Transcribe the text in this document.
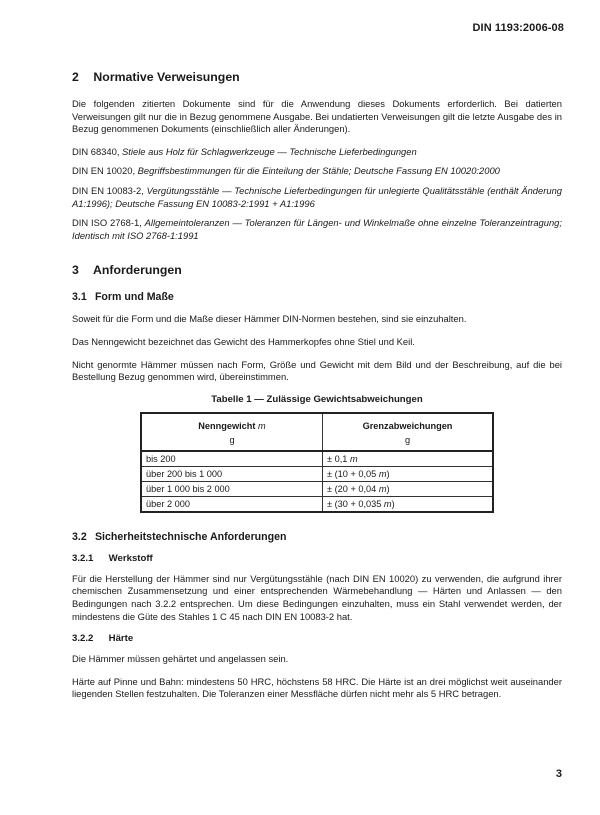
DIN 1193:2006-08
2 Normative Verweisungen

Die folgenden zitierten Dokumente sind für die Anwendung dieses Dokuments erforderlich. Bei datierten Verweisungen gilt nur die in Bezug genommene Ausgabe. Bei undatierten Verweisungen gilt die letzte Ausgabe des in Bezug genommenen Dokuments (einschließlich aller Änderungen).

DIN 68340, Stiele aus Holz für Schlagwerkzeuge — Technische Lieferbedingungen

DIN EN 10020, Begriffsbestimmungen für die Einteilung der Stähle; Deutsche Fassung EN 10020:2000

DIN EN 10083-2, Vergütungsstähle — Technische Lieferbedingungen für unlegierte Qualitätsstähle (enthält Änderung A1:1996); Deutsche Fassung EN 10083-2:1991 + A1:1996

DIN ISO 2768-1, Allgemeintoleranzen — Toleranzen für Längen- und Winkelmaße ohne einzelne Toleranzeintragung; Identisch mit ISO 2768-1:1991

3 Anforderungen
3.1 Form und Maße

Soweit für die Form und die Maße dieser Hämmer DIN-Normen bestehen, sind sie einzuhalten.

Das Nenngewicht bezeichnet das Gewicht des Hammerkopfes ohne Stiel und Keil.

Nicht genormte Hämmer müssen nach Form, Größe und Gewicht mit dem Bild und der Beschreibung, auf die bei Bestellung Bezug genommen wird, übereinstimmen.

Tabelle 1 — Zulässige Gewichtsabweichungen
Nenngewicht m	Grenzabweichungen
g	g
bis 200	± 0,1 m
über 200 bis 1 000	± (10 + 0,05 m)
über 1 000 bis 2 000	± (20 + 0,04 m)
über 2 000	± (30 + 0,035 m)
3.2 Sicherheitstechnische Anforderungen
3.2.1 Werkstoff

Für die Herstellung der Hämmer sind nur Vergütungsstähle (nach DIN EN 10020) zu verwenden, die aufgrund ihrer chemischen Zusammensetzung und einer entsprechenden Wärmebehandlung — Härten und Anlassen — den Bedingungen nach 3.2.2 entsprechen. Um diese Bedingungen einzuhalten, muss ein Stahl verwendet werden, der mindestens die Güte des Stahles 1 C 45 nach DIN EN 10083-2 hat.

3.2.2 Härte

Die Hämmer müssen gehärtet und angelassen sein.

Härte auf Pinne und Bahn: mindestens 50 HRC, höchstens 58 HRC. Die Härte ist an drei möglichst weit auseinander liegenden Stellen festzuhalten. Die Toleranzen einer Messfläche dürfen nicht mehr als 5 HRC betragen.

3
